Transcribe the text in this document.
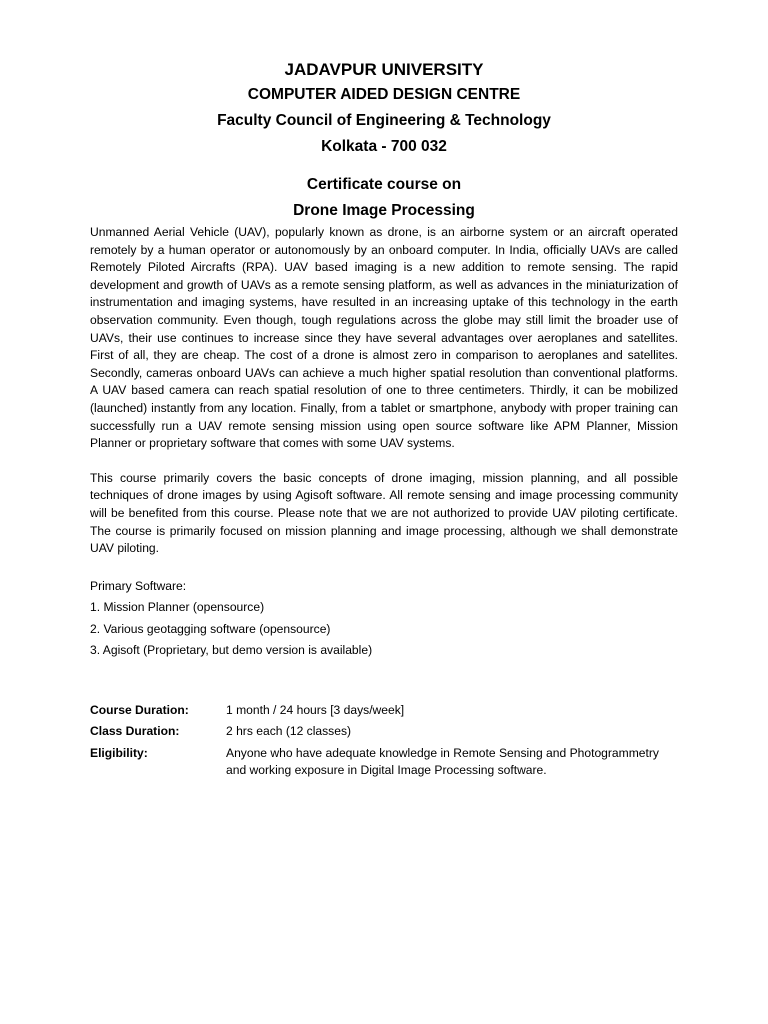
JADAVPUR UNIVERSITY
COMPUTER AIDED DESIGN CENTRE
Faculty Council of Engineering & Technology
Kolkata - 700 032
Certificate course on
Drone Image Processing

Unmanned Aerial Vehicle (UAV), popularly known as drone, is an airborne system or an aircraft operated remotely by a human operator or autonomously by an onboard computer. In India, officially UAVs are called Remotely Piloted Aircrafts (RPA). UAV based imaging is a new addition to remote sensing. The rapid development and growth of UAVs as a remote sensing platform, as well as advances in the miniaturization of instrumentation and imaging systems, have resulted in an increasing uptake of this technology in the earth observation community. Even though, tough regulations across the globe may still limit the broader use of UAVs, their use continues to increase since they have several advantages over aeroplanes and satellites. First of all, they are cheap. The cost of a drone is almost zero in comparison to aeroplanes and satellites. Secondly, cameras onboard UAVs can achieve a much higher spatial resolution than conventional platforms. A UAV based camera can reach spatial resolution of one to three centimeters. Thirdly, it can be mobilized (launched) instantly from any location. Finally, from a tablet or smartphone, anybody with proper training can successfully run a UAV remote sensing mission using open source software like APM Planner, Mission Planner or proprietary software that comes with some UAV systems.

This course primarily covers the basic concepts of drone imaging, mission planning, and all possible techniques of drone images by using Agisoft software. All remote sensing and image processing community will be benefited from this course. Please note that we are not authorized to provide UAV piloting certificate. The course is primarily focused on mission planning and image processing, although we shall demonstrate UAV piloting.

Primary Software:
1. Mission Planner (opensource)
2. Various geotagging software (opensource)
3. Agisoft (Proprietary, but demo version is available)
Course Duration:	1 month / 24 hours [3 days/week]
Class Duration:	2 hrs each (12 classes)
Eligibility:	Anyone who have adequate knowledge in Remote Sensing and Photogrammetry and working exposure in Digital Image Processing software.
